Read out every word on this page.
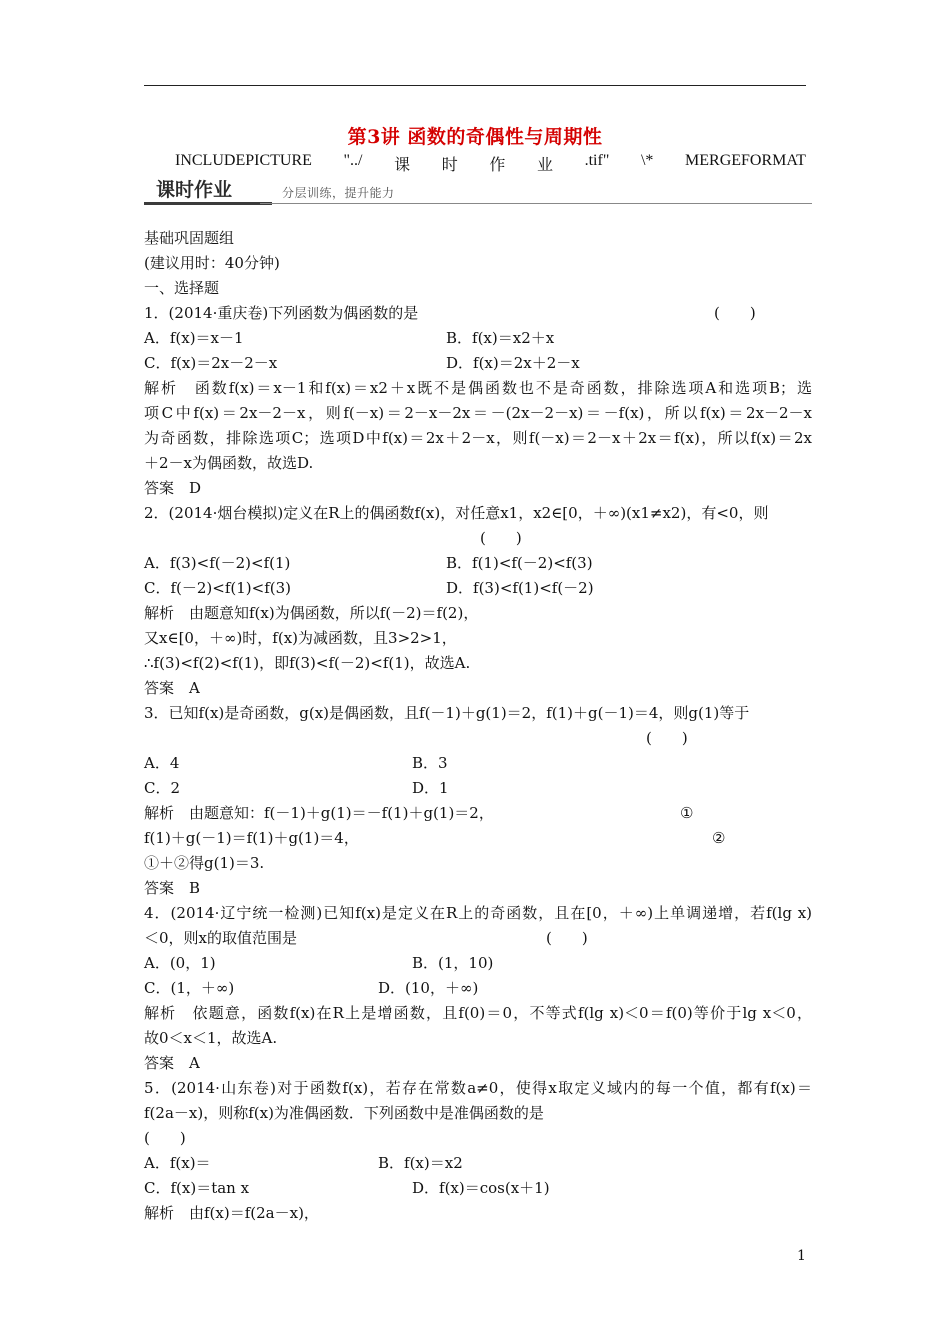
第3讲 函数的奇偶性与周期性
INCLUDEPICTURE "../ 课 时 作 业 .tif" \* MERGEFORMAT
课时作业	分层训练，提升能力
基础巩固题组
(建议用时：40分钟)
一、选择题
1．(2014·重庆卷)下列函数为偶函数的是	(　　)
A．f(x)＝x－1	B．f(x)＝x2＋x
C．f(x)＝2x－2－x	D．f(x)＝2x＋2－x
解析　函数f(x)＝x－1和f(x)＝x2＋x既不是偶函数也不是奇函数，排除选项A和选项B；选
项C中f(x)＝2x－2－x，则f(－x)＝2－x－2x＝－(2x－2－x)＝－f(x)，所以f(x)＝2x－2－x
为奇函数，排除选项C；选项D中f(x)＝2x＋2－x，则f(－x)＝2－x＋2x＝f(x)，所以f(x)＝2x
＋2－x为偶函数，故选D.
答案　D
2．(2014·烟台模拟)定义在R上的偶函数f(x)，对任意x1，x2∈[0，＋∞)(x1≠x2)，有<0，则
(　　)
A．f(3)<f(－2)<f(1)	B．f(1)<f(－2)<f(3)
C．f(－2)<f(1)<f(3)	D．f(3)<f(1)<f(－2)
解析　由题意知f(x)为偶函数，所以f(－2)＝f(2)，
又x∈[0，＋∞)时，f(x)为减函数，且3>2>1，
∴f(3)<f(2)<f(1)，即f(3)<f(－2)<f(1)，故选A.
答案　A
3．已知f(x)是奇函数，g(x)是偶函数，且f(－1)＋g(1)＝2，f(1)＋g(－1)＝4，则g(1)等于
(　　)
A．4	B．3
C．2	D．1
解析　由题意知：f(－1)＋g(1)＝－f(1)＋g(1)＝2，	①
f(1)＋g(－1)＝f(1)＋g(1)＝4，	②
①＋②得g(1)＝3.
答案　B
4．(2014·辽宁统一检测)已知f(x)是定义在R上的奇函数，且在[0，＋∞)上单调递增，若f(lg x)
＜0，则x的取值范围是	(　　)
A．(0，1)	B．(1，10)
C．(1，＋∞)	D．(10，＋∞)
解析　依题意，函数f(x)在R上是增函数，且f(0)＝0，不等式f(lg x)＜0＝f(0)等价于lg x＜0，
故0＜x＜1，故选A.
答案　A
5．(2014·山东卷)对于函数f(x)，若存在常数a≠0，使得x取定义域内的每一个值，都有f(x)＝
f(2a－x)，则称f(x)为准偶函数．下列函数中是准偶函数的是
(　　)
A．f(x)＝	B．f(x)＝x2
C．f(x)＝tan x	D．f(x)＝cos(x＋1)
解析　由f(x)＝f(2a－x)，
1
